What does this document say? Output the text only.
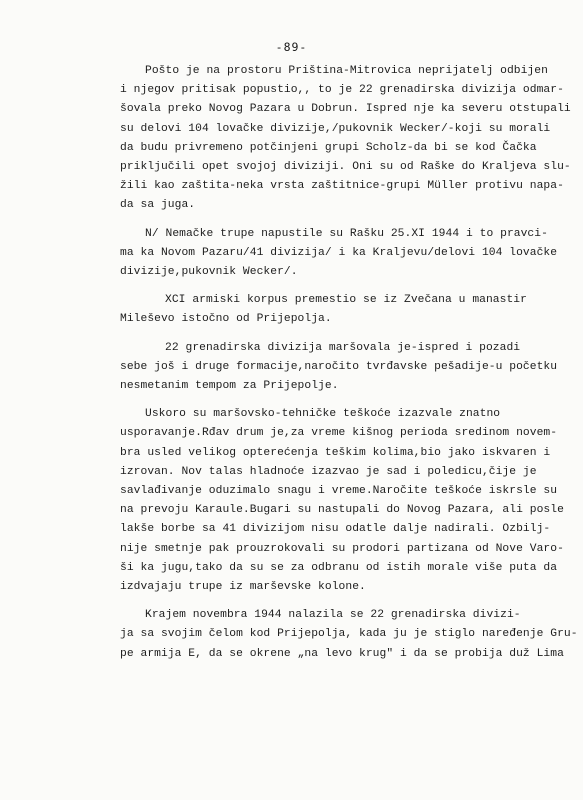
-89-
Pošto je na prostoru Priština-Mitrovica neprijatelj odbijen
i njegov pritisak popustio,, to je 22 grenadirska divizija odmar-
šovala preko Novog Pazara u Dobrun. Ispred nje ka severu otstupali
su delovi 104 lovačke divizije,/pukovnik Wecker/-koji su morali
da budu privremeno potčinjeni grupi Scholz-da bi se kod Čačka
priključili opet svojoj diviziji. Oni su od Raške do Kraljeva slu-
žili kao zaštita-neka vrsta zaštitnice-grupi Müller protivu napa-
da sa juga.
N/ Nemačke trupe napustile su Rašku 25.XI 1944 i to pravci-
ma ka Novom Pazaru/41 divizija/ i ka Kraljevu/delovi 104 lovačke
divizije,pukovnik Wecker/.
XCI armiski korpus premestio se iz Zvečana u manastir
Mileševo istočno od Prijepolja.
22 grenadirska divizija maršovala je-ispred i pozadi
sebe još i druge formacije,naročito tvrđavske pešadije-u početku
nesmetanim tempom za Prijepolje.
Uskoro su maršovsko-tehničke teškoće izazvale znatno
usporavanje.Rđav drum je,za vreme kišnog perioda sredinom novem-
bra usled velikog opterećenja teškim kolima,bio jako iskvaren i
izrovan. Nov talas hladnoće izazvao je sad i poledicu,čije je
savlađivanje oduzimalo snagu i vreme.Naročite teškoće iskrsle su
na prevoju Karaule.Bugari su nastupali do Novog Pazara, ali posle
lakše borbe sa 41 divizijom nisu odatle dalje nadirali. Ozbilj-
nije smetnje pak prouzrokovali su prodori partizana od Nove Varo-
ši ka jugu,tako da su se za odbranu od istih morale više puta da
izdvajaju trupe iz marševske kolone.
Krajem novembra 1944 nalazila se 22 grenadirska divizi-
ja sa svojim čelom kod Prijepolja, kada ju je stiglo naređenje Gru-
pe armija E, da se okrene „na levo krug" i da se probija duž Lima
